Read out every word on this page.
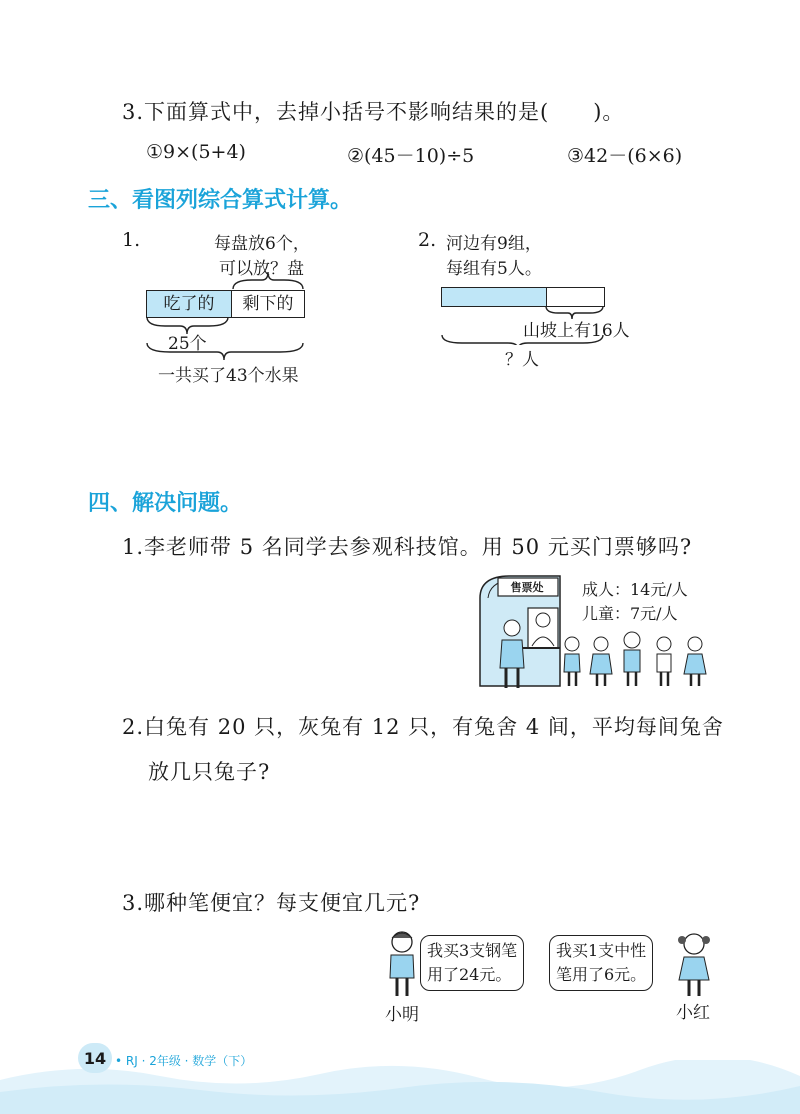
3.下面算式中，去掉小括号不影响结果的是(　　)。
①9×(5+4)	②(45－10)÷5	③42－(6×6)
三、看图列综合算式计算。
1.	每盘放6个，
可以放？盘
吃了的	剩下的
25个
一共买了43个水果
2. 河边有9组，
每组有5人。
山坡上有16人
？人
四、解决问题。
1.李老师带 5 名同学去参观科技馆。用 50 元买门票够吗?
售票处	成人：14元/人
儿童：7元/人
2.白兔有 20 只，灰兔有 12 只，有兔舍 4 间，平均每间兔舍
放几只兔子?
3.哪种笔便宜？每支便宜几元?
我买3支钢笔
用了24元。
我买1支中性
笔用了6元。
小明	小红
14 • RJ · 2年级 · 数学（下）
